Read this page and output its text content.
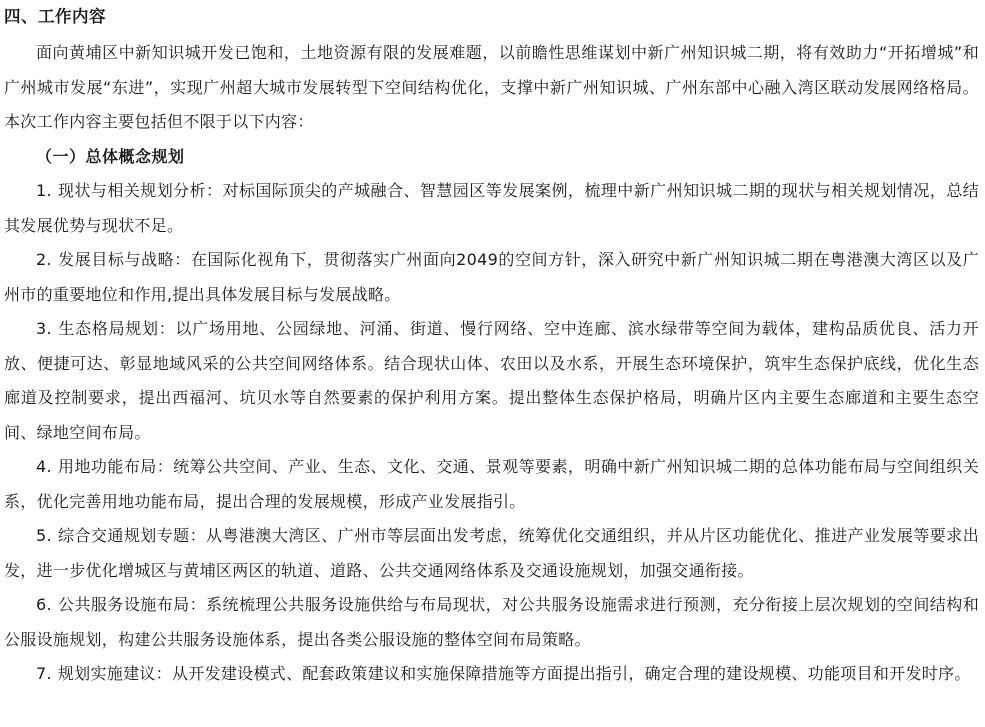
四、工作内容

面向黄埔区中新知识城开发已饱和，土地资源有限的发展难题，以前瞻性思维谋划中新广州知识城二期，将有效助力“开拓增城”和广州城市发展“东进”，实现广州超大城市发展转型下空间结构优化，支撑中新广州知识城、广州东部中心融入湾区联动发展网络格局。本次工作内容主要包括但不限于以下内容：

（一）总体概念规划

1. 现状与相关规划分析：对标国际顶尖的产城融合、智慧园区等发展案例，梳理中新广州知识城二期的现状与相关规划情况，总结其发展优势与现状不足。

2. 发展目标与战略：在国际化视角下，贯彻落实广州面向2049的空间方针，深入研究中新广州知识城二期在粤港澳大湾区以及广州市的重要地位和作用,提出具体发展目标与发展战略。

3. 生态格局规划：以广场用地、公园绿地、河涌、街道、慢行网络、空中连廊、滨水绿带等空间为载体，建构品质优良、活力开放、便捷可达、彰显地域风采的公共空间网络体系。结合现状山体、农田以及水系，开展生态环境保护，筑牢生态保护底线，优化生态廊道及控制要求，提出西福河、坑贝水等自然要素的保护利用方案。提出整体生态保护格局，明确片区内主要生态廊道和主要生态空间、绿地空间布局。

4. 用地功能布局：统筹公共空间、产业、生态、文化、交通、景观等要素，明确中新广州知识城二期的总体功能布局与空间组织关系，优化完善用地功能布局，提出合理的发展规模，形成产业发展指引。

5. 综合交通规划专题：从粤港澳大湾区、广州市等层面出发考虑，统筹优化交通组织，并从片区功能优化、推进产业发展等要求出发，进一步优化增城区与黄埔区两区的轨道、道路、公共交通网络体系及交通设施规划，加强交通衔接。

6. 公共服务设施布局：系统梳理公共服务设施供给与布局现状，对公共服务设施需求进行预测，充分衔接上层次规划的空间结构和公服设施规划，构建公共服务设施体系，提出各类公服设施的整体空间布局策略。

7. 规划实施建议：从开发建设模式、配套政策建议和实施保障措施等方面提出指引，确定合理的建设规模、功能项目和开发时序。
